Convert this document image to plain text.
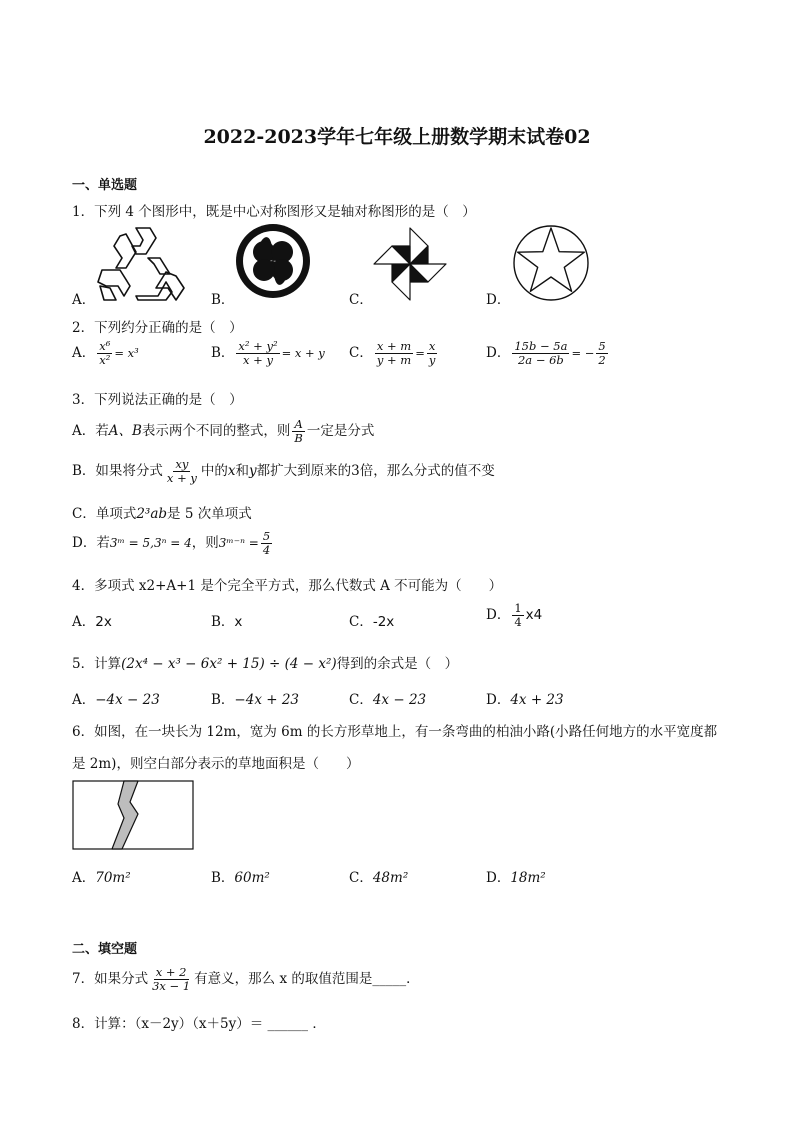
2022-2023学年七年级上册数学期末试卷02
一、单选题
1．下列 4 个图形中，既是中心对称图形又是轴对称图形的是（　）
A．	B．	C．	D．
2．下列约分正确的是（　）
A． $\frac{\text{x⁶}}{\text{x²}} = x^3$	B． $\frac{\text{x² + y²}}{x + y} = x + y$ C． $\frac{x + m}{y + m} = \frac{x}{y}$	D． $\frac{15b - 5a}{2a - 6b}$ = − $\frac{5}{2}$
3．下列说法正确的是（　）
A．若A、B表示两个不同的整式，则 $\frac{A}{B}$ 一定是分式
B．如果将分式 $\frac{xy}{x + y}$ 中的x和y都扩大到原来的3倍，那么分式的值不变
C．单项式2³ab是 5 次单项式
D．若3ᵐ = 5,3ⁿ = 4，则3ᵐ⁻ⁿ = $\frac{5}{4}$
4．多项式 x2+A+1 是个完全平方式，那么代数式 A 不可能为（　　）
A．2x	B．x	C．-2x	D． $\frac{1}{4} x4$
5．计算(2x⁴ − x³ − 6x² + 15) ÷ (4 − x²)得到的余式是（　）
A．−4x − 23	B．−4x + 23	C．4x − 23	D．4x + 23
6．如图，在一块长为 12m，宽为 6m 的长方形草地上，有一条弯曲的柏油小路(小路任何地方的水平宽度都
是 2m)，则空白部分表示的草地面积是（　　）
A．70m²	B．60m²	C．48m²	D．18m²
二、填空题
7．如果分式 $\frac{x + 2}{3x - 1}$ 有意义，那么 x 的取值范围是_____．
8．计算：（x－2y）（x＋5y）＝ ______ ．
